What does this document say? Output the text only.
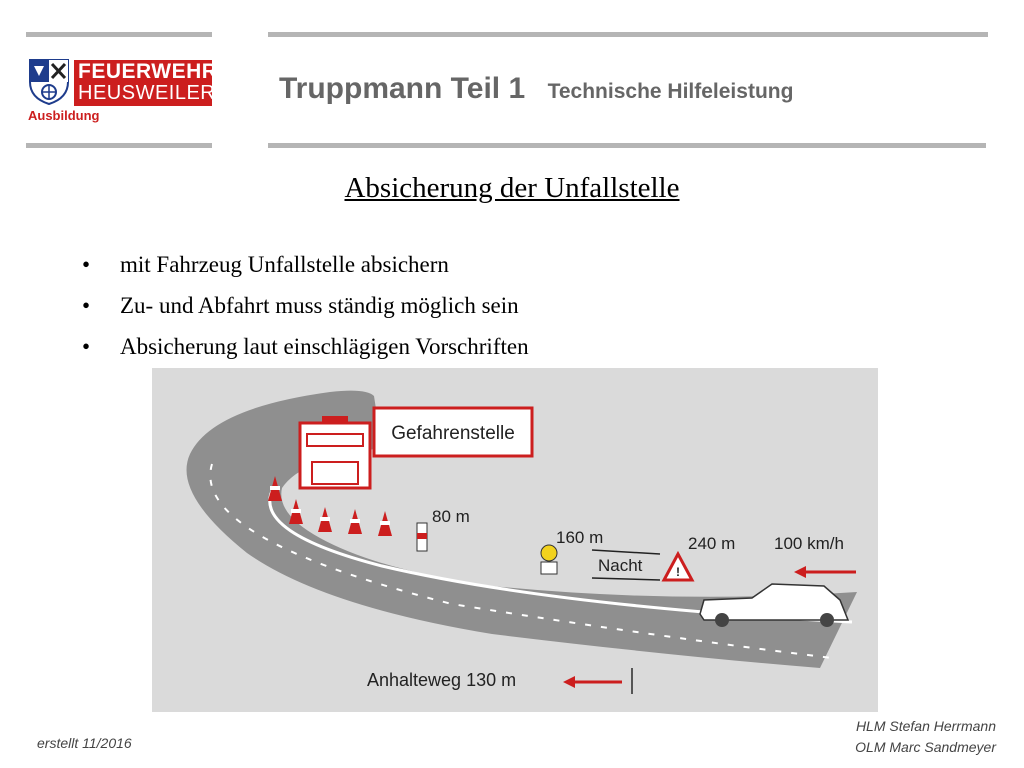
FEUERWEHR
HEUSWEILER
Ausbildung
Truppmann Teil 1 Technische Hilfeleistung
Absicherung der Unfallstelle
• mit Fahrzeug Unfallstelle absichern
• Zu- und Abfahrt muss ständig möglich sein
• Absicherung laut einschlägigen Vorschriften
Gefahrenstelle
80 m
160 m
Nacht	!
240 m 100 km/h
Anhalteweg 130 m
erstellt 11/2016
HLM Stefan Herrmann
OLM Marc Sandmeyer
